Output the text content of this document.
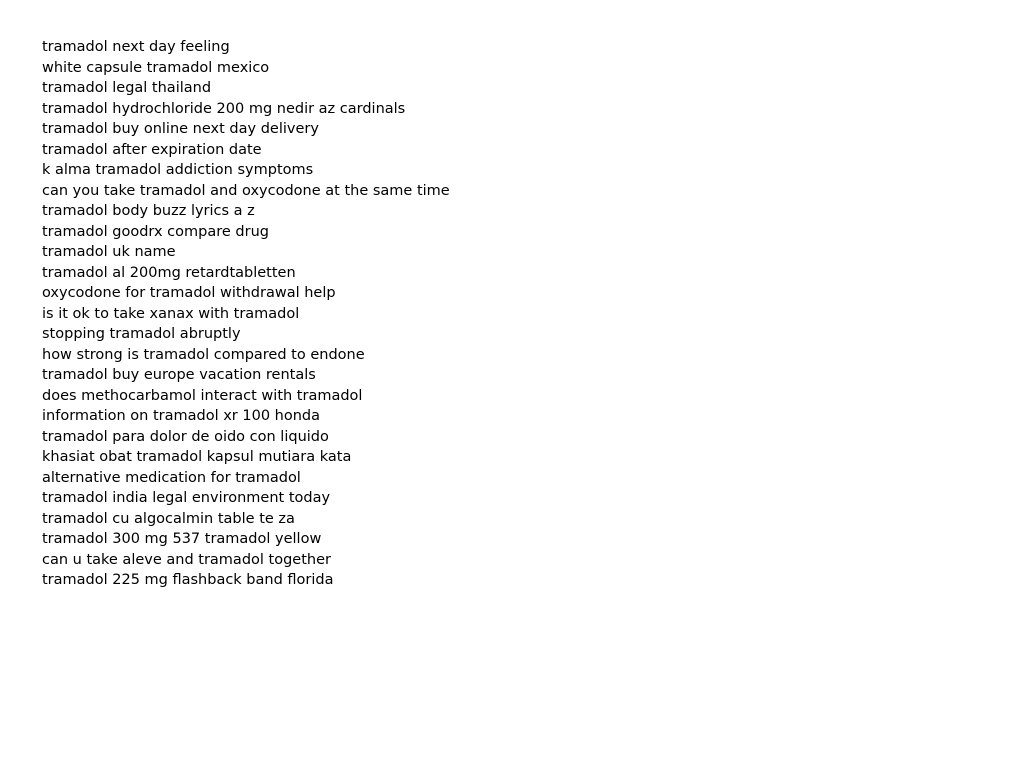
tramadol next day feeling
white capsule tramadol mexico
tramadol legal thailand
tramadol hydrochloride 200 mg nedir az cardinals
tramadol buy online next day delivery
tramadol after expiration date
k alma tramadol addiction symptoms
can you take tramadol and oxycodone at the same time
tramadol body buzz lyrics a z
tramadol goodrx compare drug
tramadol uk name
tramadol al 200mg retardtabletten
oxycodone for tramadol withdrawal help
is it ok to take xanax with tramadol
stopping tramadol abruptly
how strong is tramadol compared to endone
tramadol buy europe vacation rentals
does methocarbamol interact with tramadol
information on tramadol xr 100 honda
tramadol para dolor de oido con liquido
khasiat obat tramadol kapsul mutiara kata
alternative medication for tramadol
tramadol india legal environment today
tramadol cu algocalmin table te za
tramadol 300 mg 537 tramadol yellow
can u take aleve and tramadol together
tramadol 225 mg flashback band florida
